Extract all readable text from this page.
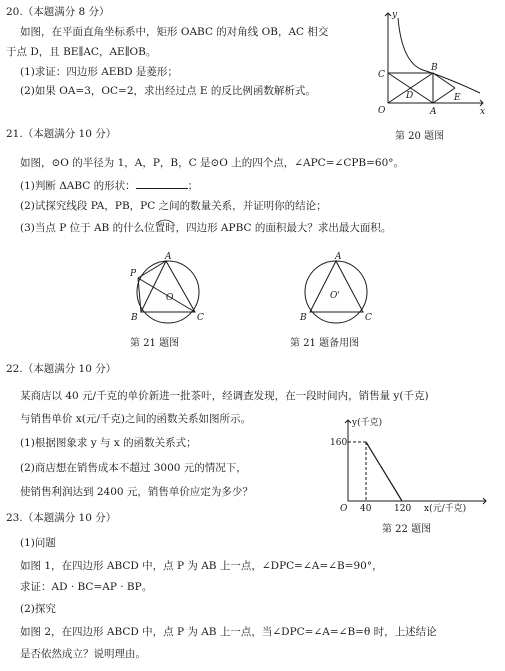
20.（本题满分 8 分）
如图，在平面直角坐标系中，矩形 OABC 的对角线 OB，AC 相交
于点 D，且 BE∥AC，AE∥OB。
(1)求证：四边形 AEBD 是菱形；
(2)如果 OA=3，OC=2，求出经过点 E 的反比例函数解析式。
y
x
O	A
B
C
D	E
第 20 题图
21.（本题满分 10 分）
如图，⊙O 的半径为 1，A，P，B，C 是⊙O 上的四个点，∠APC=∠CPB=60°。
(1)判断 ΔABC 的形状：	；
(2)试探究线段 PA，PB，PC 之间的数量关系，并证明你的结论；
(3)当点 P 位于 AB 的什么位置时，四边形 APBC 的面积最大？求出最大面积。
P
A
O
B	C
第 21 题图
A
O'
B	C
第 21 题备用图
22.（本题满分 10 分）
某商店以 40 元/千克的单价新进一批茶叶，经调查发现，在一段时间内，销售量 y(千克)
与销售单价 x(元/千克)之间的函数关系如图所示。
(1)根据图象求 y 与 x 的函数关系式；
(2)商店想在销售成本不超过 3000 元的情况下，
使销售利润达到 2400 元，销售单价应定为多少？
y(千克)
160
O 40	120 x(元/千克)
第 22 题图
23.（本题满分 10 分）
(1)问题
如图 1，在四边形 ABCD 中，点 P 为 AB 上一点，∠DPC=∠A=∠B=90°，
求证：AD · BC=AP · BP。
(2)探究
如图 2，在四边形 ABCD 中，点 P 为 AB 上一点，当∠DPC=∠A=∠B=θ 时，上述结论
是否依然成立？说明理由。
